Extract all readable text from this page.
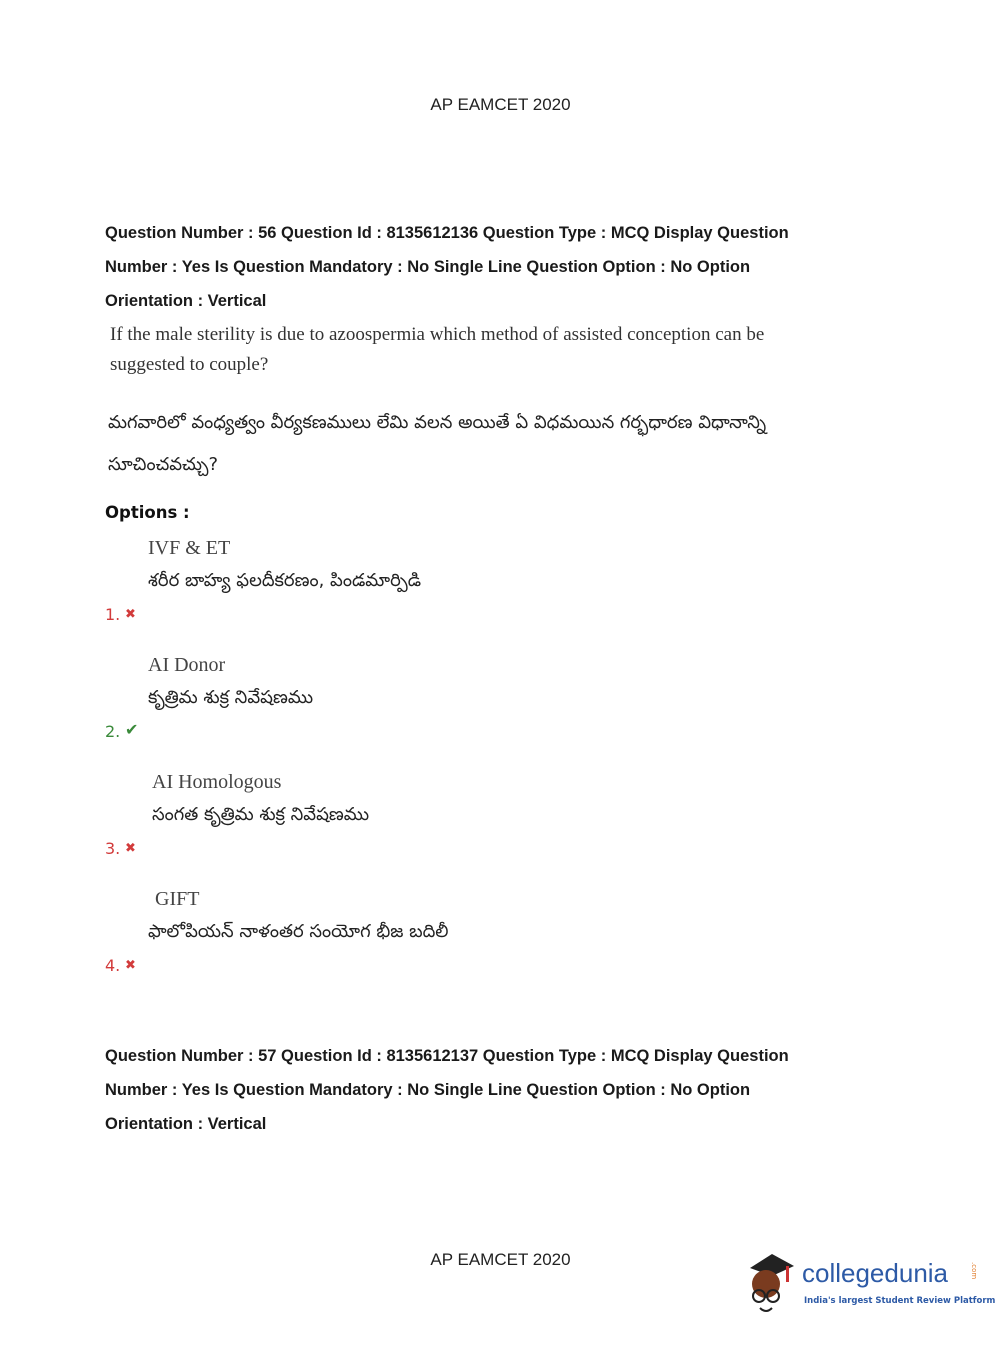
AP EAMCET 2020
Question Number : 56 Question Id : 8135612136 Question Type : MCQ Display Question
Number : Yes Is Question Mandatory : No Single Line Question Option : No Option
Orientation : Vertical
If the male sterility is due to azoospermia which method of assisted conception can be
suggested to couple?
మగవారిలో వంధ్యత్వం వీర్యకణములు లేమి వలన అయితే ఏ విధమయిన గర్భధారణ విధానాన్ని
సూచించవచ్చు?
Options :
IVF & ET
శరీర బాహ్య ఫలదీకరణం, పిండమార్పిడి
1. ✖
AI Donor
కృత్రిమ శుక్ర నివేషణము
2. ✔
AI Homologous
సంగత కృత్రిమ శుక్ర నివేషణము
3. ✖
GIFT
ఫాలోపియన్ నాళంతర సంయోగ భీజ బదిలీ
4. ✖
Question Number : 57 Question Id : 8135612137 Question Type : MCQ Display Question
Number : Yes Is Question Mandatory : No Single Line Question Option : No Option
Orientation : Vertical
AP EAMCET 2020	collegedunia	.com
India's largest Student Review Platform
